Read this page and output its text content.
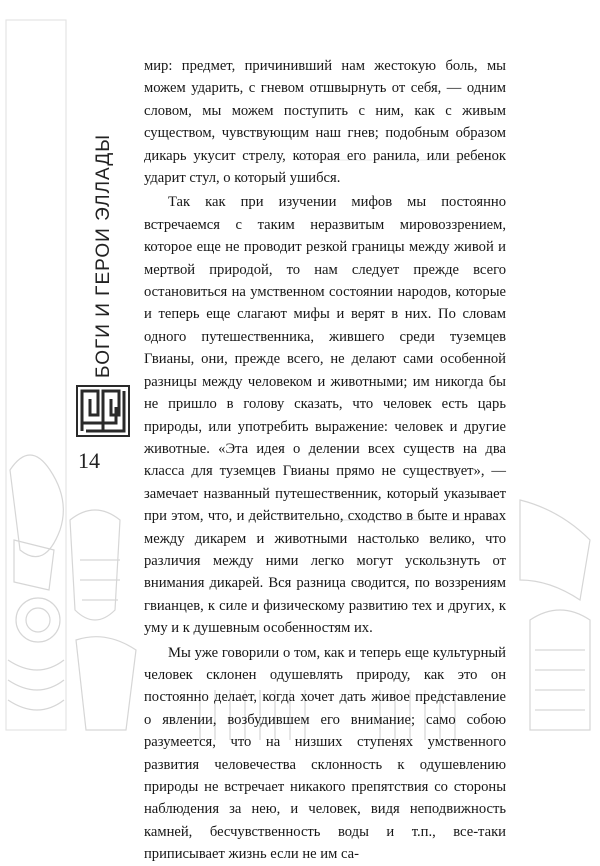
БОГИ И ГЕРОИ ЭЛЛАДЫ
14

мир: предмет, причинивший нам жестокую боль, мы можем ударить, с гневом отшвырнуть от себя, — одним словом, мы можем поступить с ним, как с живым существом, чувствующим наш гнев; подобным образом дикарь укусит стрелу, которая его ранила, или ребенок ударит стул, о который ушибся.

Так как при изучении мифов мы постоянно встречаемся с таким неразвитым мировоззрением, которое еще не проводит резкой границы между живой и мертвой природой, то нам следует прежде всего остановиться на умственном состоянии народов, которые и теперь еще слагают мифы и верят в них. По словам одного путешественника, жившего среди туземцев Гвианы, они, прежде всего, не делают сами особенной разницы между человеком и животными; им никогда бы не пришло в голову сказать, что человек есть царь природы, или употребить выражение: человек и другие животные. «Эта идея о делении всех существ на два класса для туземцев Гвианы прямо не существует», — замечает названный путешественник, который указывает при этом, что, и действительно, сходство в быте и нравах между дикарем и животными настолько велико, что различия между ними легко могут ускользнуть от внимания дикарей. Вся разница сводится, по воззрениям гвианцев, к силе и физическому развитию тех и других, к уму и к душевным особенностям их.

Мы уже говорили о том, как и теперь еще культурный человек склонен одушевлять природу, как это он постоянно делает, когда хочет дать живое представление о явлении, возбудившем его внимание; само собою разумеется, что на низших ступенях умственного развития человечества склонность к одушевлению природы не встречает никакого препятствия со стороны наблюдения за нею, и человек, видя неподвижность камней, бесчувственность воды и т.п., все-таки приписывает жизнь если не им са-
